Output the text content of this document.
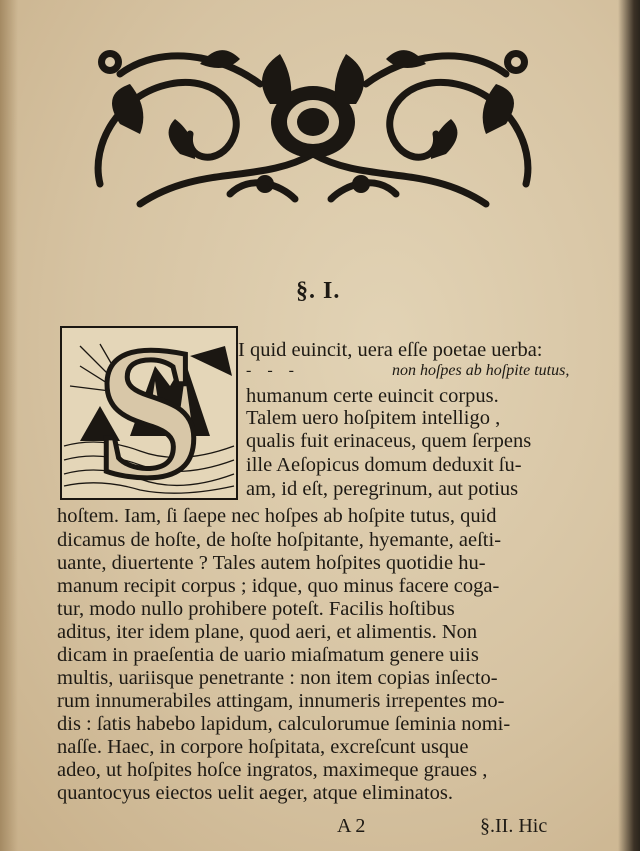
§. I.
S I quid euincit, uera eſſe poetae uerba:
- - -	non hoſpes ab hoſpite tutus,
humanum certe euincit corpus.
Talem uero hoſpitem intelligo ,
qualis fuit erinaceus, quem ſerpens
ille Aeſopicus domum deduxit ſu-
am, id eſt, peregrinum, aut potius
hoſtem. Iam, ſi ſaepe nec hoſpes ab hoſpite tutus, quid
dicamus de hoſte, de hoſte hoſpitante, hyemante, aeſti-
uante, diuertente ? Tales autem hoſpites quotidie hu-
manum recipit corpus ; idque, quo minus facere coga-
tur, modo nullo prohibere poteſt. Facilis hoſtibus
aditus, iter idem plane, quod aeri, et alimentis. Non
dicam in praeſentia de uario miaſmatum genere uiis
multis, uariisque penetrante : non item copias inſecto-
rum innumerabiles attingam, innumeris irrepentes mo-
dis : ſatis habebo lapidum, calculorumue ſeminia nomi-
naſſe. Haec, in corpore hoſpitata, excreſcunt usque
adeo, ut hoſpites hoſce ingratos, maximeque graues ,
quantocyus eiectos uelit aeger, atque eliminatos.
A 2	§.II. Hic
